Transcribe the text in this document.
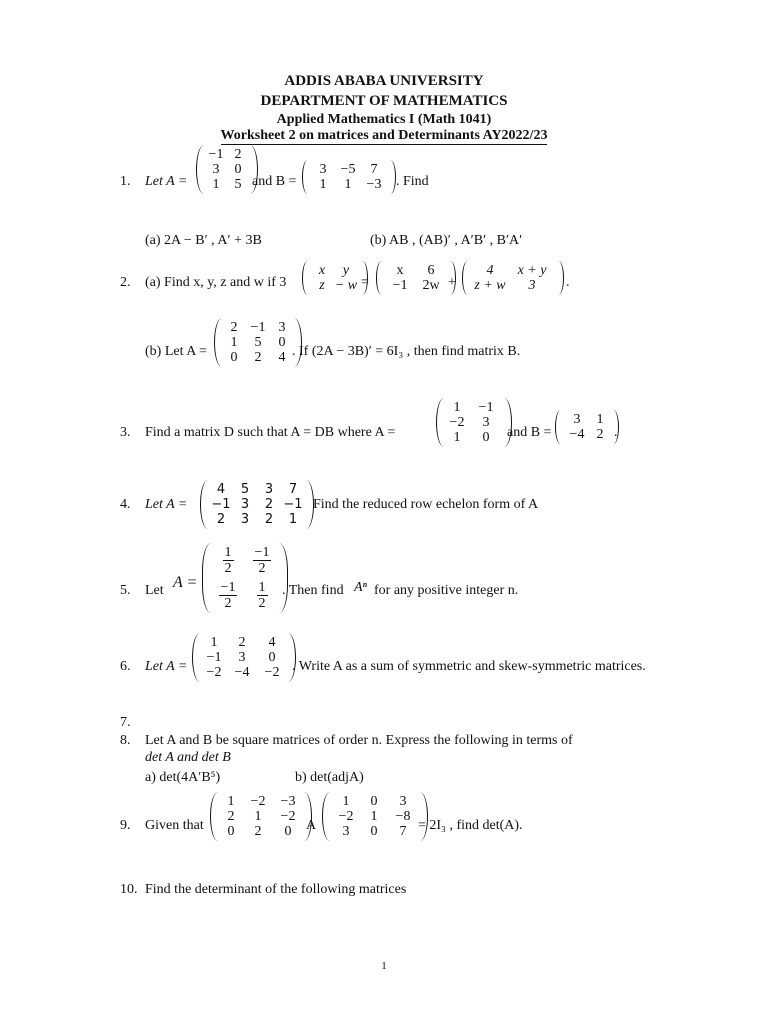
ADDIS ABABA UNIVERSITY
DEPARTMENT OF MATHEMATICS
Applied Mathematics I (Math 1041)
Worksheet 2 on matrices and Determinants AY2022/23
1. Let A =
−1 2
3 0
1 5 and B =
3 −5 7
1 1 −3 . Find
(a) 2A − B′ , A′ + 3B	(b) AB , (AB)′ , A′B′ , B′A′
2. (a) Find x, y, z and w if 3
x y
z − w =
x 6
−1 2w +
4 x + y
z + w 3 .
(b) Let A =
2 −1 3
1 5 0
0 2 4 . If (2A − 3B)′ = 6I₃ , then find matrix B.
3. Find a matrix D such that A = DB where A =
1 −1
−2 3
1 0 and B =
3 1
−4 2 .
4. Let A =
4 5 3 7
−1 3 2 −1
2 3 2 1
Find the reduced row echelon form of A
5. Let A =
$\frac{1}{2} \frac{-1}{2}$
$\frac{-1}{2} \frac{1}{2}$ . Then find Aⁿ for any positive integer n.
6. Let A =
1 2 4
−1 3 0
−2 −4 −2 . Write A as a sum of symmetric and skew-symmetric matrices.
7.
8. Let A and B be square matrices of order n. Express the following in terms of
det A and det B
a) det(4A′B⁵)	b) det(adjA)
9. Given that
1 −2 −3
2 1 −2
0 2 0 A
1 0 3
−2 1 −8
3 0 7 = 2I₃ , find det(A).
10. Find the determinant of the following matrices
1
